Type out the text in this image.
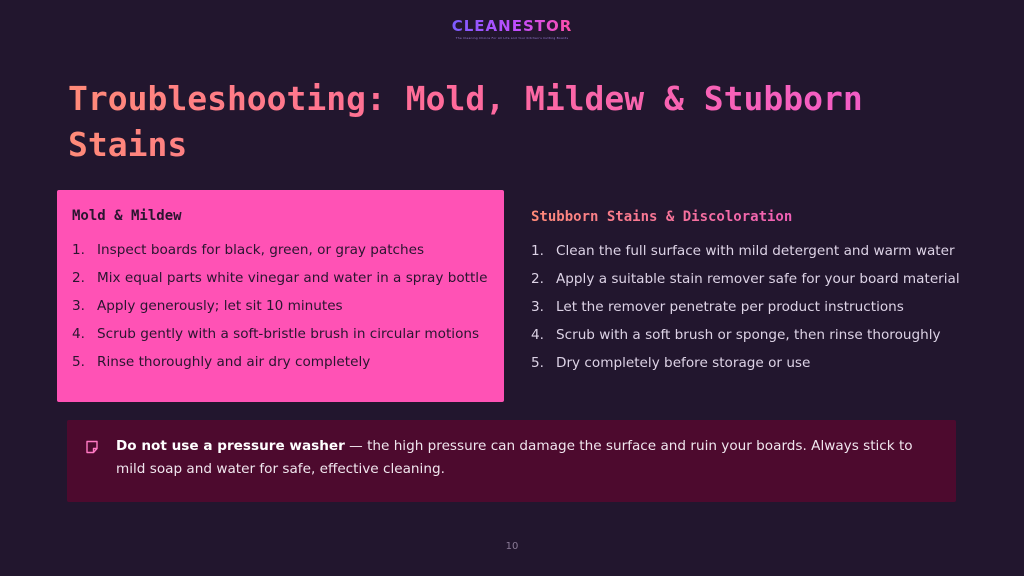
CLEANESTOR
The Cleaning Choice For All Life and Your Kitchen's Cutting Boards
Troubleshooting: Mold, Mildew & Stubborn Stains
Mold & Mildew
1. Inspect boards for black, green, or gray patches
2. Mix equal parts white vinegar and water in a spray bottle
3. Apply generously; let sit 10 minutes
4. Scrub gently with a soft-bristle brush in circular motions
5. Rinse thoroughly and air dry completely
Stubborn Stains & Discoloration
1. Clean the full surface with mild detergent and warm water
2. Apply a suitable stain remover safe for your board material
3. Let the remover penetrate per product instructions
4. Scrub with a soft brush or sponge, then rinse thoroughly
5. Dry completely before storage or use

Do not use a pressure washer — the high pressure can damage the surface and ruin your boards. Always stick to mild soap and water for safe, effective cleaning.

10
